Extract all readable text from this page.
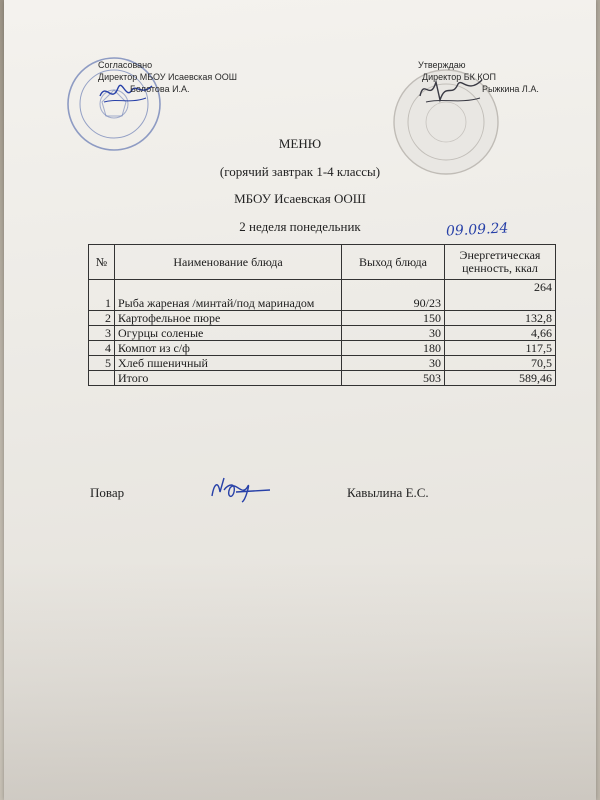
Согласовано
Директор МБОУ Исаевская ООШ
Болотова И.А.
Утверждаю
Директор БК КОП
Рыжкина Л.А.
МЕНЮ
(горячий завтрак 1-4 классы)
МБОУ Исаевская ООШ
2 неделя понедельник	09.09.24
№	Наименование блюда	Выход блюда	Энергетическая ценность, ккал
1	Рыба жареная /минтай/под маринадом	90/23	264
2	Картофельное пюре	150	132,8
3	Огурцы соленые	30	4,66
4	Компот из с/ф	180	117,5
5	Хлеб пшеничный	30	70,5
	Итого	503	589,46
Повар	Кавылина Е.С.
